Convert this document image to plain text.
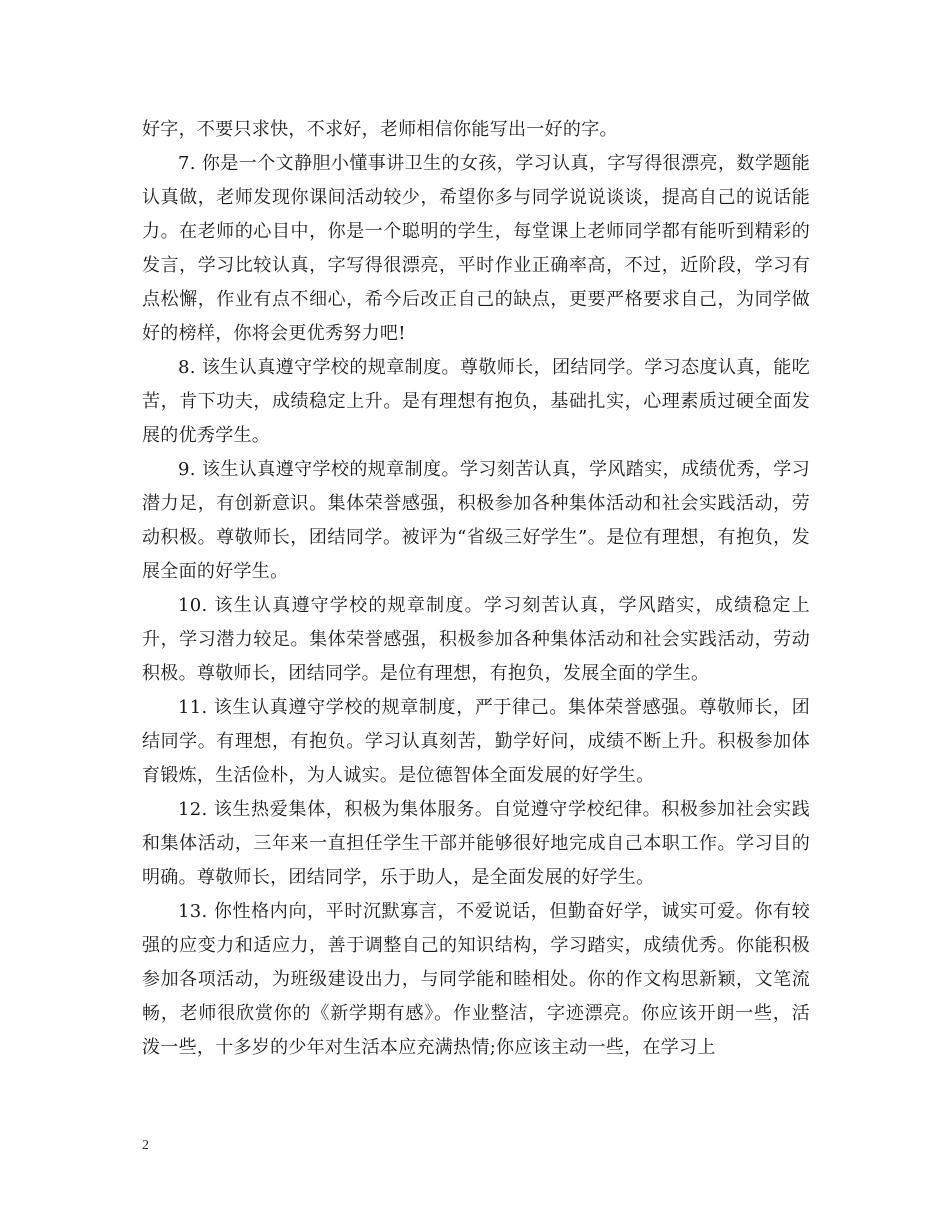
好字，不要只求快，不求好，老师相信你能写出一好的字。

7. 你是一个文静胆小懂事讲卫生的女孩，学习认真，字写得很漂亮，数学题能认真做，老师发现你课间活动较少，希望你多与同学说说谈谈，提高自己的说话能力。在老师的心目中，你是一个聪明的学生，每堂课上老师同学都有能听到精彩的发言，学习比较认真，字写得很漂亮，平时作业正确率高，不过，近阶段，学习有点松懈，作业有点不细心，希今后改正自己的缺点，更要严格要求自己，为同学做好的榜样，你将会更优秀努力吧!

8. 该生认真遵守学校的规章制度。尊敬师长，团结同学。学习态度认真，能吃苦，肯下功夫，成绩稳定上升。是有理想有抱负，基础扎实，心理素质过硬全面发展的优秀学生。

9. 该生认真遵守学校的规章制度。学习刻苦认真，学风踏实，成绩优秀，学习潜力足，有创新意识。集体荣誉感强，积极参加各种集体活动和社会实践活动，劳动积极。尊敬师长，团结同学。被评为“省级三好学生”。是位有理想，有抱负，发展全面的好学生。

10. 该生认真遵守学校的规章制度。学习刻苦认真，学风踏实，成绩稳定上升，学习潜力较足。集体荣誉感强，积极参加各种集体活动和社会实践活动，劳动积极。尊敬师长，团结同学。是位有理想，有抱负，发展全面的学生。

11. 该生认真遵守学校的规章制度，严于律己。集体荣誉感强。尊敬师长，团结同学。有理想，有抱负。学习认真刻苦，勤学好问，成绩不断上升。积极参加体育锻炼，生活俭朴，为人诚实。是位德智体全面发展的好学生。

12. 该生热爱集体，积极为集体服务。自觉遵守学校纪律。积极参加社会实践和集体活动，三年来一直担任学生干部并能够很好地完成自己本职工作。学习目的明确。尊敬师长，团结同学，乐于助人，是全面发展的好学生。

13. 你性格内向，平时沉默寡言，不爱说话，但勤奋好学，诚实可爱。你有较强的应变力和适应力，善于调整自己的知识结构，学习踏实，成绩优秀。你能积极参加各项活动，为班级建设出力，与同学能和睦相处。你的作文构思新颖，文笔流畅，老师很欣赏你的《新学期有感》。作业整洁，字迹漂亮。你应该开朗一些，活泼一些，十多岁的少年对生活本应充满热情;你应该主动一些，在学习上

2
